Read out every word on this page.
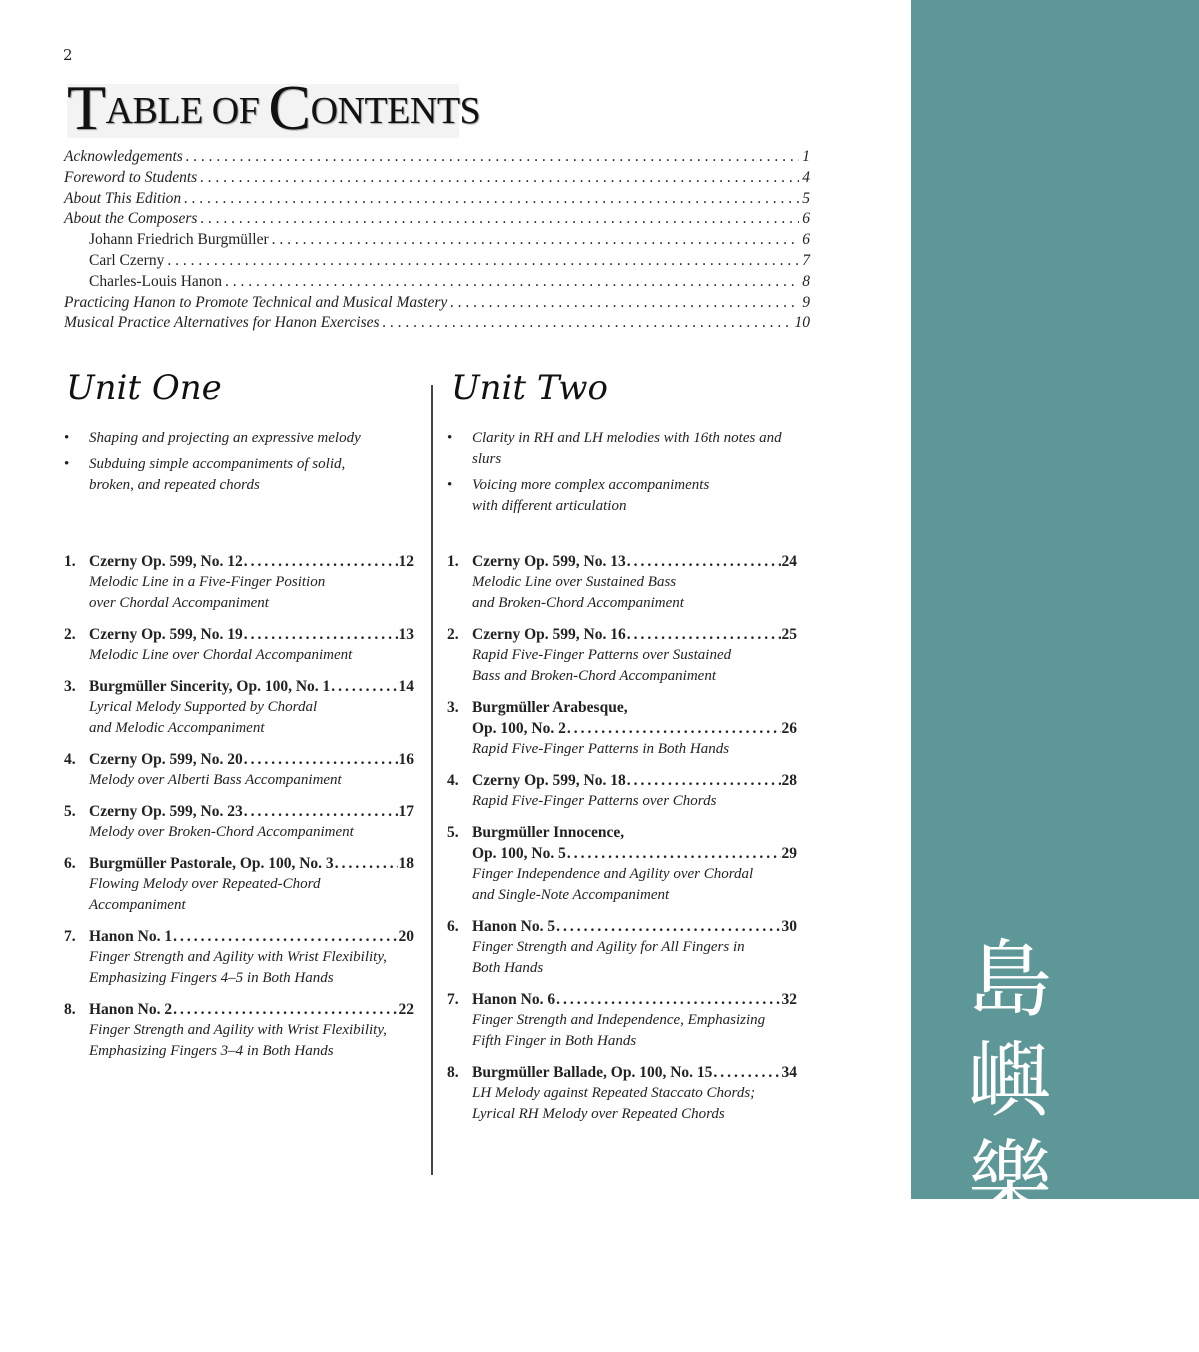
2
TABLE OF CONTENTS
Acknowledgements . . .	1
Foreword to Students . . .	4
About This Edition . . .	5
About the Composers . . .	6
Johann Friedrich Burgmüller . . .	6
Carl Czerny . . .	7
Charles-Louis Hanon . . .	8
Practicing Hanon to Promote Technical and Musical Mastery . . .	9
Musical Practice Alternatives for Hanon Exercises . . .	10
Unit One	Unit Two
• Shaping and projecting an expressive melody
• Subduing simple accompaniments of solid,
broken, and repeated chords
• Clarity in RH and LH melodies with 16th notes and slurs
• Voicing more complex accompaniments
with different articulation
1. Czerny Op. 599, No. 12 .....	12
Melodic Line in a Five-Finger Position
over Chordal Accompaniment
2. Czerny Op. 599, No. 19 .....	13
Melodic Line over Chordal Accompaniment
3. Burgmüller Sincerity, Op. 100, No. 1 .....	14
Lyrical Melody Supported by Chordal
and Melodic Accompaniment
4. Czerny Op. 599, No. 20 .....	16
Melody over Alberti Bass Accompaniment
5. Czerny Op. 599, No. 23 .....	17
Melody over Broken-Chord Accompaniment
6. Burgmüller Pastorale, Op. 100, No. 3 .....	18
Flowing Melody over Repeated-Chord
Accompaniment
7. Hanon No. 1 .....	20
Finger Strength and Agility with Wrist Flexibility,
Emphasizing Fingers 4–5 in Both Hands
8. Hanon No. 2 .....	22
Finger Strength and Agility with Wrist Flexibility,
Emphasizing Fingers 3–4 in Both Hands
1. Czerny Op. 599, No. 13 .....	24
Melodic Line over Sustained Bass
and Broken-Chord Accompaniment
2. Czerny Op. 599, No. 16 .....	25
Rapid Five-Finger Patterns over Sustained
Bass and Broken-Chord Accompaniment
3. Burgmüller Arabesque,
Op. 100, No. 2 .....	26
Rapid Five-Finger Patterns in Both Hands
4. Czerny Op. 599, No. 18 .....	28
Rapid Five-Finger Patterns over Chords
5. Burgmüller Innocence,
Op. 100, No. 5 .....	29
Finger Independence and Agility over Chordal
and Single-Note Accompaniment
6. Hanon No. 5 .....	30
Finger Strength and Agility for All Fingers in
Both Hands
7. Hanon No. 6 .....	32
Finger Strength and Independence, Emphasizing
Fifth Finger in Both Hands
8. Burgmüller Ballade, Op. 100, No. 15 .....	34
LH Melody against Repeated Staccato Chords;
Lyrical RH Melody over Repeated Chords
島嶼
樂集
island music
